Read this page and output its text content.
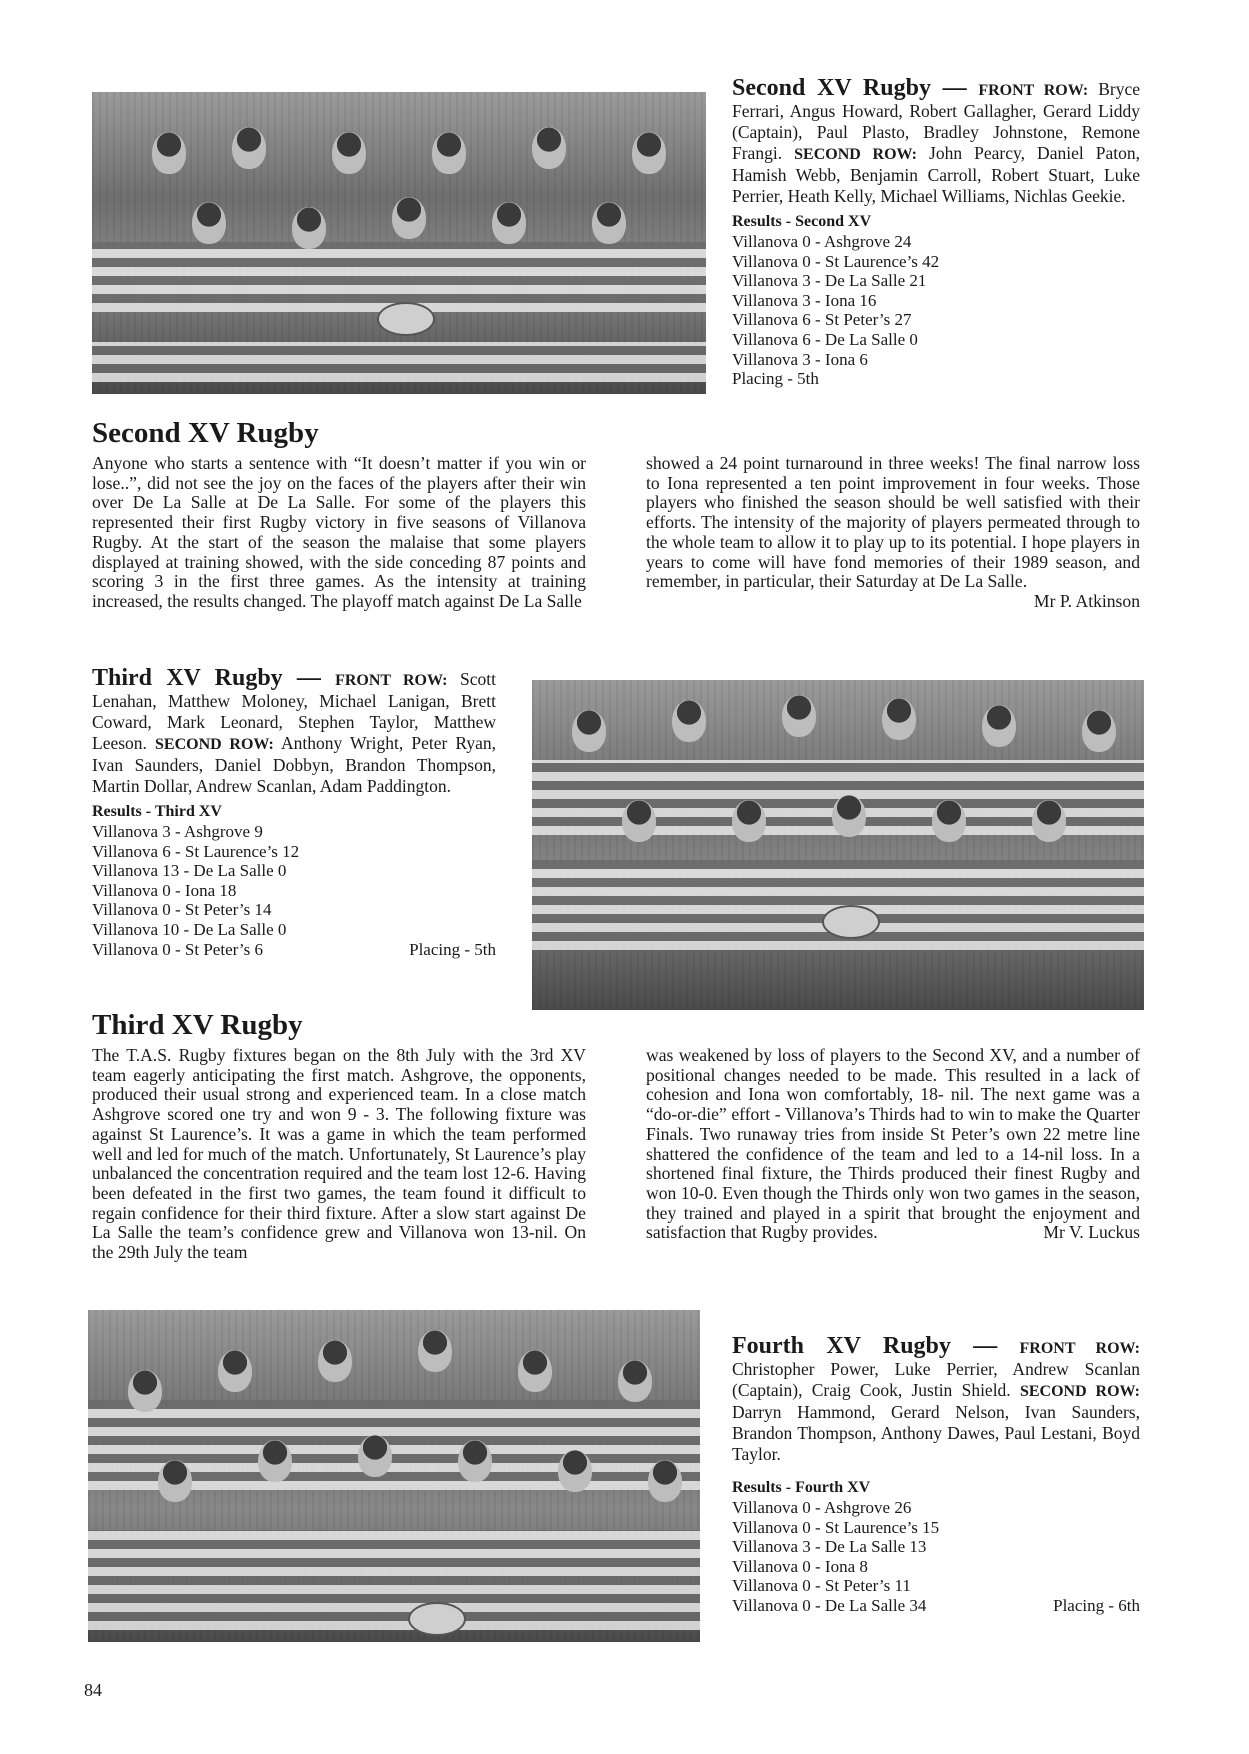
Second XV Rugby — FRONT ROW: Bryce Ferrari, Angus Howard, Robert Gallagher, Gerard Liddy (Captain), Paul Plasto, Bradley Johnstone, Remone Frangi. SECOND ROW: John Pearcy, Daniel Paton, Hamish Webb, Benjamin Carroll, Robert Stuart, Luke Perrier, Heath Kelly, Michael Williams, Nichlas Geekie.
Results - Second XV
Villanova 0 - Ashgrove 24
Villanova 0 - St Laurence’s 42
Villanova 3 - De La Salle 21
Villanova 3 - Iona 16
Villanova 6 - St Peter’s 27
Villanova 6 - De La Salle 0
Villanova 3 - Iona 6
Placing - 5th
Second XV Rugby
Anyone who starts a sentence with “It doesn’t matter if you win or lose..”, did not see the joy on the faces of the players after their win over De La Salle at De La Salle. For some of the players this represented their first Rugby victory in five seasons of Villanova Rugby. At the start of the season the malaise that some players displayed at training showed, with the side conceding 87 points and scoring 3 in the first three games. As the intensity at training increased, the results changed. The playoff match against De La Salle
showed a 24 point turnaround in three weeks! The final narrow loss to Iona represented a ten point improvement in four weeks. Those players who finished the season should be well satisfied with their efforts. The intensity of the majority of players permeated through to the whole team to allow it to play up to its potential. I hope players in years to come will have fond memories of their 1989 season, and remember, in particular, their Saturday at De La Salle.
Mr P. Atkinson
Third XV Rugby — FRONT ROW: Scott Lenahan, Matthew Moloney, Michael Lanigan, Brett Coward, Mark Leonard, Stephen Taylor, Matthew Leeson. SECOND ROW: Anthony Wright, Peter Ryan, Ivan Saunders, Daniel Dobbyn, Brandon Thompson, Martin Dollar, Andrew Scanlan, Adam Paddington.
Results - Third XV
Villanova 3 - Ashgrove 9
Villanova 6 - St Laurence’s 12
Villanova 13 - De La Salle 0
Villanova 0 - Iona 18
Villanova 0 - St Peter’s 14
Villanova 10 - De La Salle 0
Villanova 0 - St Peter’s 6	Placing - 5th
Third XV Rugby
The T.A.S. Rugby fixtures began on the 8th July with the 3rd XV team eagerly anticipating the first match. Ashgrove, the opponents, produced their usual strong and experienced team. In a close match Ashgrove scored one try and won 9 - 3. The following fixture was against St Laurence’s. It was a game in which the team performed well and led for much of the match. Unfortunately, St Laurence’s play unbalanced the concentration required and the team lost 12-6. Having been defeated in the first two games, the team found it difficult to regain confidence for their third fixture. After a slow start against De La Salle the team’s confidence grew and Villanova won 13-nil. On the 29th July the team
was weakened by loss of players to the Second XV, and a number of positional changes needed to be made. This resulted in a lack of cohesion and Iona won comfortably, 18- nil. The next game was a “do-or-die” effort - Villanova’s Thirds had to win to make the Quarter Finals. Two runaway tries from inside St Peter’s own 22 metre line shattered the confidence of the team and led to a 14-nil loss. In a shortened final fixture, the Thirds produced their finest Rugby and won 10-0. Even though the Thirds only won two games in the season, they trained and played in a spirit that brought the enjoyment and satisfaction that Rugby provides.	Mr V. Luckus
Fourth XV Rugby — FRONT ROW: Christopher Power, Luke Perrier, Andrew Scanlan (Captain), Craig Cook, Justin Shield. SECOND ROW: Darryn Hammond, Gerard Nelson, Ivan Saunders, Brandon Thompson, Anthony Dawes, Paul Lestani, Boyd Taylor.
Results - Fourth XV
Villanova 0 - Ashgrove 26
Villanova 0 - St Laurence’s 15
Villanova 3 - De La Salle 13
Villanova 0 - Iona 8
Villanova 0 - St Peter’s 11
Villanova 0 - De La Salle 34	Placing - 6th
84
